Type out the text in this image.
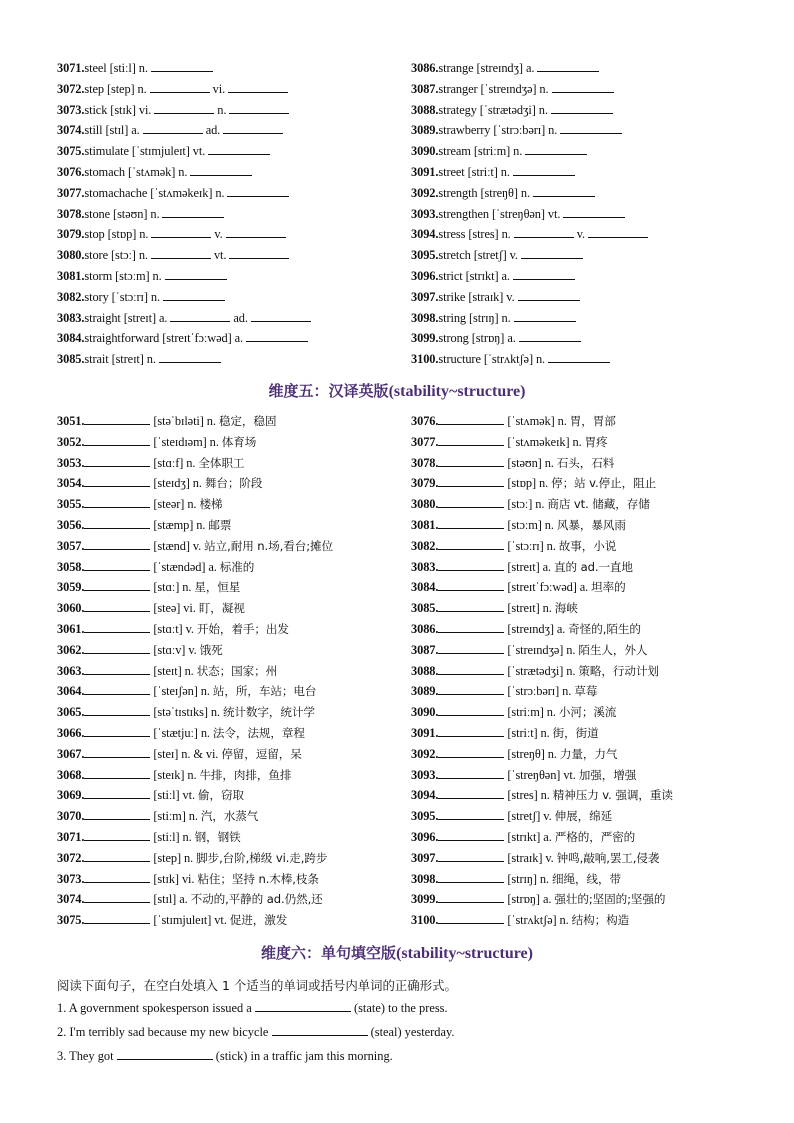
3071.steel [stiːl] n.
3072.step [step] n.	vi.
3073.stick [stɪk] vi.	n.
3074.still [stɪl] a.	ad.
3075.stimulate [ˈstɪmjuleɪt] vt.
3076.stomach [ˈstʌmək] n.
3077.stomachache [ˈstʌməkeɪk] n.
3078.stone [stəʊn] n.
3079.stop [stɒp] n.	v.
3080.store [stɔː] n.	vt.
3081.storm [stɔːm] n.
3082.story [ˈstɔːrɪ] n.
3083.straight [streɪt] a.	ad.
3084.straightforward [streɪtˈfɔːwəd] a.
3085.strait [streɪt] n.
3086.strange [streɪndʒ] a.
3087.stranger [ˈstreɪndʒə] n.
3088.strategy [ˈstrætədʒi] n.
3089.strawberry [ˈstrɔːbərɪ] n.
3090.stream [striːm] n.
3091.street [striːt] n.
3092.strength [streŋθ] n.
3093.strengthen [ˈstreŋθən] vt.
3094.stress [stres] n.	v.
3095.stretch [stretʃ] v.
3096.strict [strɪkt] a.
3097.strike [straɪk] v.
3098.string [strɪŋ] n.
3099.strong [strɒŋ] a.
3100.structure [ˈstrʌktʃə] n.
维度五：汉译英版(stability~structure)
3051.	[stəˈbɪləti] n. 稳定，稳固
3052.	[ˈsteɪdɪəm] n. 体育场
3053.	[stɑːf] n. 全体职工
3054.	[steɪdʒ] n. 舞台；阶段
3055.	[steər] n. 楼梯
3056.	[stæmp] n. 邮票
3057.	[stænd] v. 站立,耐用 n.场,看台;摊位
3058.	[ˈstændəd] a. 标准的
3059.	[stɑː] n. 星，恒星
3060.	[steə] vi. 盯，凝视
3061.	[stɑːt] v. 开始，着手；出发
3062.	[stɑːv] v. 饿死
3063.	[steɪt] n. 状态；国家；州
3064.	[ˈsteɪʃən] n. 站，所，车站；电台
3065.	[stəˈtɪstɪks] n. 统计数字，统计学
3066.	[ˈstætjuː] n. 法令，法规，章程
3067.	[steɪ] n. & vi. 停留，逗留，呆
3068.	[steɪk] n. 牛排，肉排，鱼排
3069.	[stiːl] vt. 偷，窃取
3070.	[stiːm] n. 汽，水蒸气
3071.	[stiːl] n. 钢，钢铁
3072.	[step] n. 脚步,台阶,梯级 vi.走,跨步
3073.	[stɪk] vi. 粘住；坚持 n.木棒,枝条
3074.	[stɪl] a. 不动的,平静的 ad.仍然,还
3075.	[ˈstɪmjuleɪt] vt. 促进，激发
3076.	[ˈstʌmək] n. 胃，胃部
3077.	[ˈstʌməkeɪk] n. 胃疼
3078.	[stəʊn] n. 石头，石料
3079.	[stɒp] n. 停；站 v.停止，阻止
3080.	[stɔː] n. 商店 vt. 储藏，存储
3081.	[stɔːm] n. 风暴，暴风雨
3082.	[ˈstɔːrɪ] n. 故事，小说
3083.	[streɪt] a. 直的 ad.一直地
3084.	[streɪtˈfɔːwəd] a. 坦率的
3085.	[streɪt] n. 海峡
3086.	[streɪndʒ] a. 奇怪的,陌生的
3087.	[ˈstreɪndʒə] n. 陌生人，外人
3088.	[ˈstrætədʒi] n. 策略，行动计划
3089.	[ˈstrɔːbərɪ] n. 草莓
3090.	[striːm] n. 小河；溪流
3091.	[striːt] n. 街，街道
3092.	[streŋθ] n. 力量，力气
3093.	[ˈstreŋθən] vt. 加强，增强
3094.	[stres] n. 精神压力 v. 强调，重读
3095.	[stretʃ] v. 伸展，绵延
3096.	[strɪkt] a. 严格的，严密的
3097.	[straɪk] v. 钟鸣,敲响,罢工,侵袭
3098.	[strɪŋ] n. 细绳，线，带
3099.	[strɒŋ] a. 强壮的;坚固的;坚强的
3100.	[ˈstrʌktʃə] n. 结构；构造
维度六：单句填空版(stability~structure)
阅读下面句子，在空白处填入 1 个适当的单词或括号内单词的正确形式。
1. A government spokesperson issued a	(state) to the press.
2. I'm terribly sad because my new bicycle	(steal) yesterday.
3. They got	(stick) in a traffic jam this morning.
